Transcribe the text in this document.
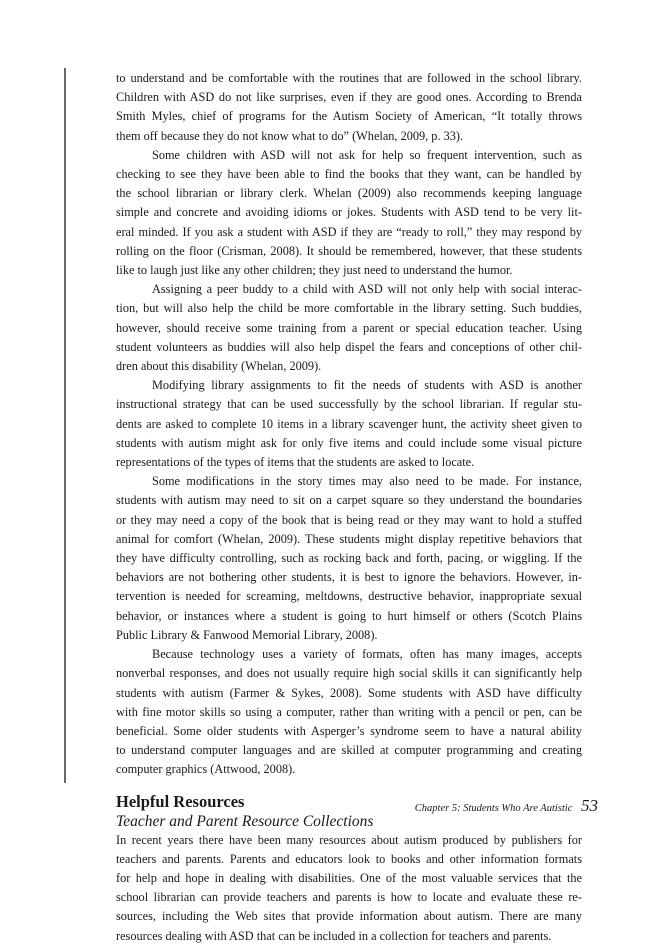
to understand and be comfortable with the routines that are followed in the school library.
Children with ASD do not like surprises, even if they are good ones. According to Brenda
Smith Myles, chief of programs for the Autism Society of American, “It totally throws
them off because they do not know what to do” (Whelan, 2009, p. 33).
Some children with ASD will not ask for help so frequent intervention, such as
checking to see they have been able to find the books that they want, can be handled by
the school librarian or library clerk. Whelan (2009) also recommends keeping language
simple and concrete and avoiding idioms or jokes. Students with ASD tend to be very lit-
eral minded. If you ask a student with ASD if they are “ready to roll,” they may respond by
rolling on the floor (Crisman, 2008). It should be remembered, however, that these students
like to laugh just like any other children; they just need to understand the humor.
Assigning a peer buddy to a child with ASD will not only help with social interac-
tion, but will also help the child be more comfortable in the library setting. Such buddies,
however, should receive some training from a parent or special education teacher. Using
student volunteers as buddies will also help dispel the fears and conceptions of other chil-
dren about this disability (Whelan, 2009).
Modifying library assignments to fit the needs of students with ASD is another
instructional strategy that can be used successfully by the school librarian. If regular stu-
dents are asked to complete 10 items in a library scavenger hunt, the activity sheet given to
students with autism might ask for only five items and could include some visual picture
representations of the types of items that the students are asked to locate.
Some modifications in the story times may also need to be made. For instance,
students with autism may need to sit on a carpet square so they understand the boundaries
or they may need a copy of the book that is being read or they may want to hold a stuffed
animal for comfort (Whelan, 2009). These students might display repetitive behaviors that
they have difficulty controlling, such as rocking back and forth, pacing, or wiggling. If the
behaviors are not bothering other students, it is best to ignore the behaviors. However, in-
tervention is needed for screaming, meltdowns, destructive behavior, inappropriate sexual
behavior, or instances where a student is going to hurt himself or others (Scotch Plains
Public Library & Fanwood Memorial Library, 2008).
Because technology uses a variety of formats, often has many images, accepts
nonverbal responses, and does not usually require high social skills it can significantly help
students with autism (Farmer & Sykes, 2008). Some students with ASD have difficulty
with fine motor skills so using a computer, rather than writing with a pencil or pen, can be
beneficial. Some older students with Asperger’s syndrome seem to have a natural ability
to understand computer languages and are skilled at computer programming and creating
computer graphics (Attwood, 2008).
Helpful Resources
Teacher and Parent Resource Collections
In recent years there have been many resources about autism produced by publishers for
teachers and parents. Parents and educators look to books and other information formats
for help and hope in dealing with disabilities. One of the most valuable services that the
school librarian can provide teachers and parents is how to locate and evaluate these re-
sources, including the Web sites that provide information about autism. There are many
resources dealing with ASD that can be included in a collection for teachers and parents.
Chapter 5: Students Who Are Autistic 53
